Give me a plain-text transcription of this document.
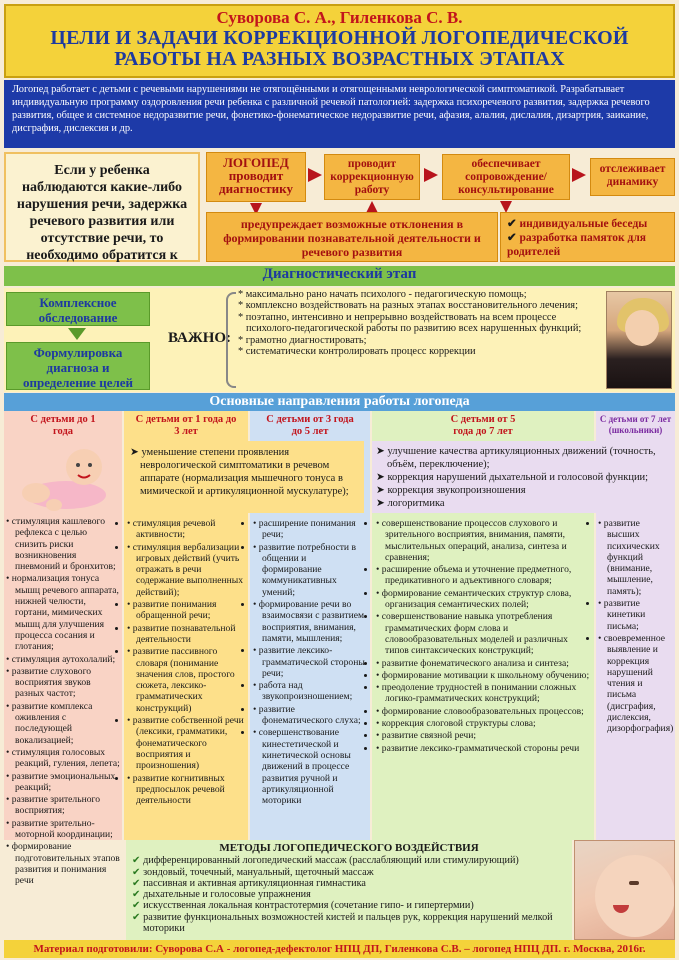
Суворова С. А., Гиленкова С. В.
ЦЕЛИ И ЗАДАЧИ КОРРЕКЦИОННОЙ ЛОГОПЕДИЧЕСКОЙ
РАБОТЫ НА РАЗНЫХ ВОЗРАСТНЫХ ЭТАПАХ
Логопед работает с детьми с речевыми нарушениями не отягощёнными и отягощенными неврологической симптоматикой. Разрабатывает индивидуальную программу оздоровления речи ребенка с различной речевой патологией: задержка психоречевого развития, задержка речевого развития, общее и системное недоразвитие речи, фонетико-фонематическое недоразвитие речи, афазия, алалия, дислалия, дизартрия, заикание, дисграфия, дислексия и др.
Если у ребенка наблюдаются какие-либо нарушения речи, задержка речевого развития или отсутствие речи, то необходимо обратится к
ЛОГОПЕД проводит диагностику
проводит коррекционную работу
обеспечивает сопровождение/ консультирование
отслеживает динамику
предупреждает возможные отклонения в формировании познавательной деятельности и речевого развития
✔ индивидуальные беседы
✔ разработка памяток для родителей
Диагностический этап
Комплексное обследование
Формулировка диагноза и определение целей
ВАЖНО:
* максимально рано начать психолого - педагогическую помощь;
* комплексно воздействовать на разных этапах восстановительного лечения;
* поэтапно, интенсивно и непрерывно воздействовать на всем процессе психолого-педагогической работы по развитию всех нарушенных функций;
* грамотно диагностировать;
* систематически контролировать процесс коррекции
Основные направления работы логопеда
С детьми до 1 года
С детьми от 1 года до 3 лет
С детьми от 3 года до 5 лет
С детьми от 5 года до 7 лет
С детьми от 7 лет (школьники)
➤ уменьшение степени проявления неврологической симптоматики в речевом аппарате (нормализация мышечного тонуса в мимической и артикуляционной мускулатуре);
➤ улучшение качества артикуляционных движений (точность, объём, переключение);
➤ коррекция нарушений дыхательной и голосовой функции;
➤ коррекция звукопроизношения
➤ логоритмика
• • стимуляция кашлевого рефлекса с целью снизить риски возникновения пневмоний и бронхитов;
• • нормализация тонуса мышц речевого аппарата, нижней челюсти, гортани, мимических мышц для улучшения процесса сосания и глотания;
• • стимуляция аутохолалий;
• • развитие слухового восприятия звуков разных частот;
• • развитие комплекса оживления с последующей вокализацией;
• • стимуляция голосовых реакций, гуления, лепета;
• • развитие эмоциональных реакций;
• • развитие зрительного восприятия;
• • развитие зрительно-моторной координации;
• • формирование подготовительных этапов развития и понимания речи
• • стимуляция речевой активности;
• • стимуляция вербализации игровых действий (учить отражать в речи содержание выполненных действий);
• • развитие понимания обращенной речи;
• • развитие познавательной деятельности
• • развитие пассивного словаря (понимание значения слов, простого сюжета, лексико-грамматических конструкций)
• • развитие собственной речи (лексики, грамматики, фонематического восприятия и произношения)
• • развитие когнитивных предпосылок речевой деятельности
• • расширение понимания речи;
• • развитие потребности в общении и формирование коммуникативных умений;
• • формирование речи во взаимосвязи с развитием восприятия, внимания, памяти, мышления;
• • развитие лексико-грамматической стороны речи;
• • работа над звукопроизношением;
• • развитие фонематического слуха;
• • совершенствование кинестетической и кинетической основы движений в процессе развития ручной и артикуляционной моторики
• • совершенствование процессов слухового и зрительного восприятия, внимания, памяти, мыслительных операций, анализа, синтеза и сравнения;
• • расширение объема и уточнение предметного, предикативного и адъективного словаря;
• • формирование семантических структур слова, организация семантических полей;
• • совершенствование навыка употребления грамматических форм слова и словообразовательных моделей и различных типов синтаксических конструкций;
• • развитие фонематического анализа и синтеза;
• • формирование мотивации к школьному обучению;
• • преодоление трудностей в понимании сложных логико-грамматических конструкций;
• • формирование словообразовательных процессов;
• • коррекция слоговой структуры слова;
• • развитие связной речи;
• • развитие лексико-грамматической стороны речи
• • развитие высших психических функций (внимание, мышление, память);
• • развитие кинетики письма;
• • своевременное выявление и коррекция нарушений чтения и письма (дисграфия, дислексия, дизорфография)
МЕТОДЫ ЛОГОПЕДИЧЕСКОГО ВОЗДЕЙСТВИЯ
✔ дифференцированный логопедический массаж (расслабляющий или стимулирующий)
✔ зондовый, точечный, мануальный, щеточный массаж
✔ пассивная и активная артикуляционная гимнастика
✔ дыхательные и голосовые упражнения
✔ искусственная локальная контрастотермия (сочетание гипо- и гипертермии)
✔ развитие функциональных возможностей кистей и пальцев рук, коррекция нарушений мелкой моторики
Материал подготовили: Суворова С.А - логопед-дефектолог НПЦ ДП, Гиленкова С.В. – логопед НПЦ ДП. г. Москва, 2016г.
